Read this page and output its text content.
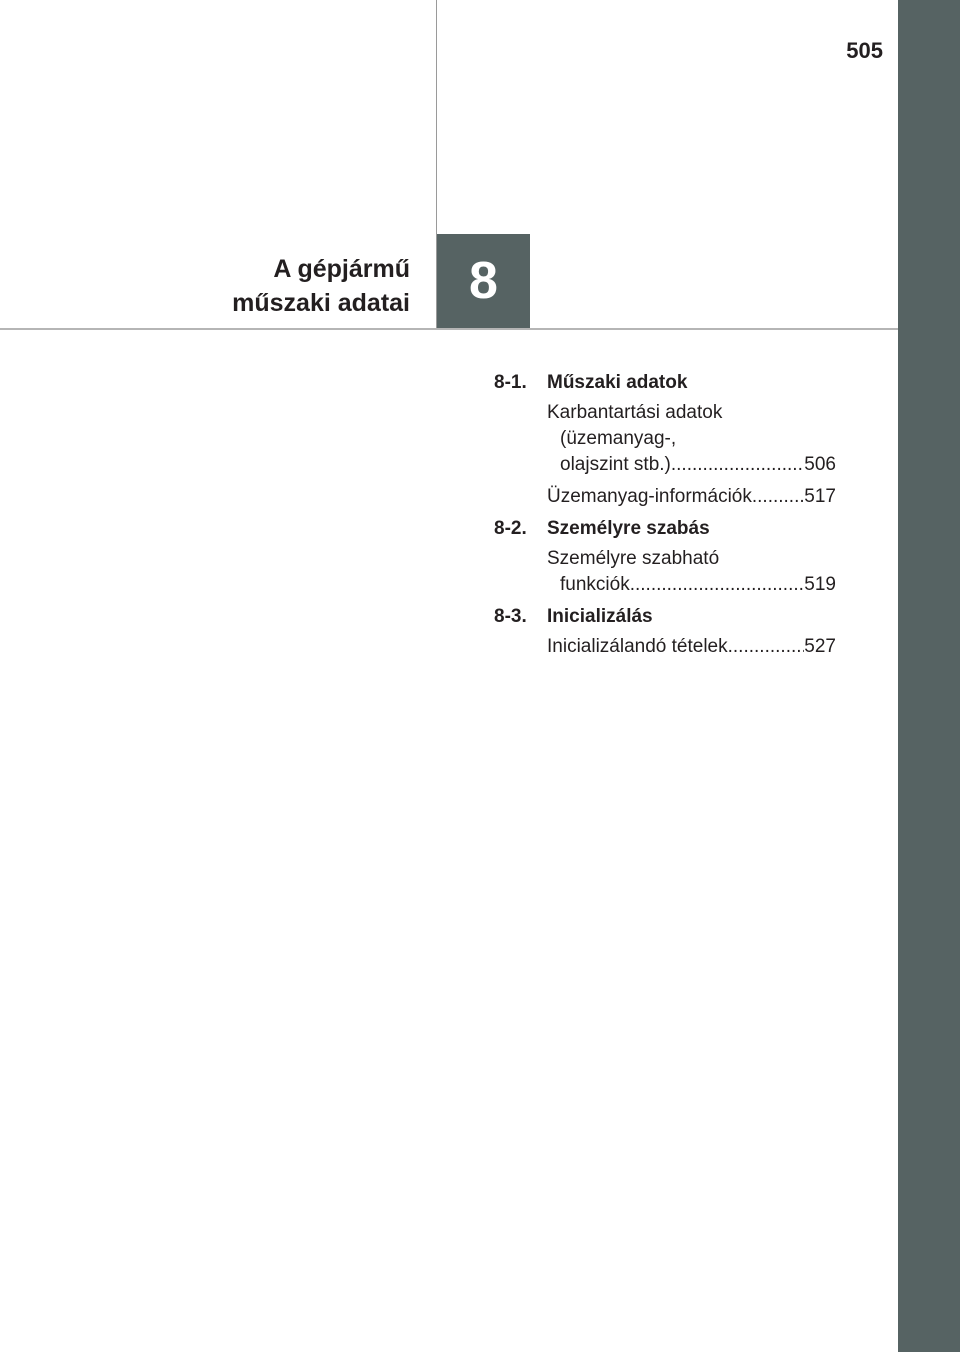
505
A gépjármű
műszaki adatai	8
8-1.	Műszaki adatok
Karbantartási adatok
(üzemanyag-,
olajszint stb.) .....	506
Üzemanyag-információk .....	517
8-2.	Személyre szabás
Személyre szabható
funkciók .....	519
8-3.	Inicializálás
Inicializálandó tételek .....	527
